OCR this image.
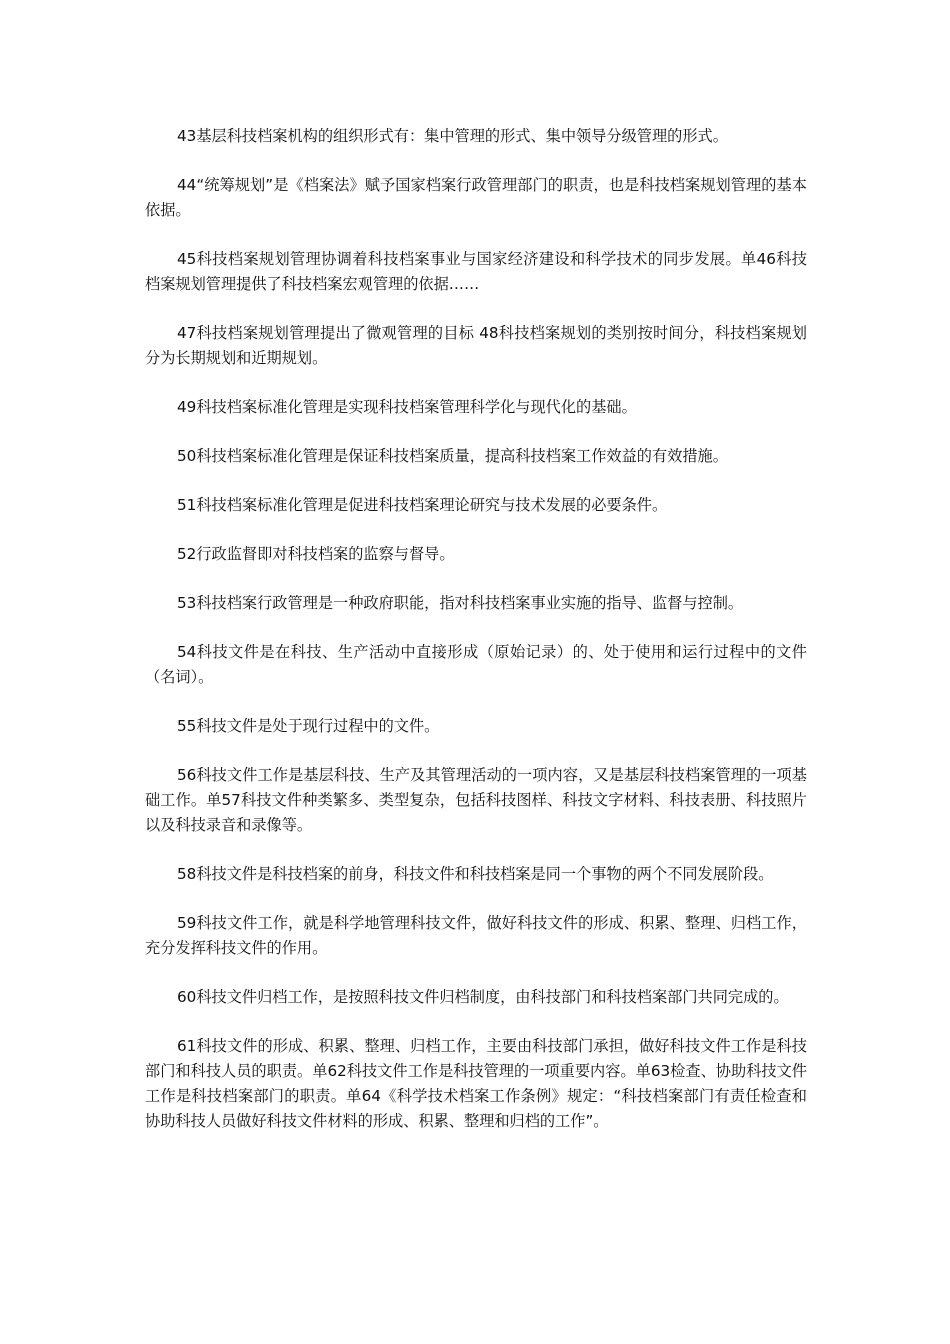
43基层科技档案机构的组织形式有：集中管理的形式、集中领导分级管理的形式。

44“统筹规划”是《档案法》赋予国家档案行政管理部门的职责，也是科技档案规划管理的基本依据。

45科技档案规划管理协调着科技档案事业与国家经济建设和科学技术的同步发展。单46科技档案规划管理提供了科技档案宏观管理的依据……

47科技档案规划管理提出了微观管理的目标 48科技档案规划的类别按时间分，科技档案规划分为长期规划和近期规划。

49科技档案标准化管理是实现科技档案管理科学化与现代化的基础。

50科技档案标准化管理是保证科技档案质量，提高科技档案工作效益的有效措施。

51科技档案标准化管理是促进科技档案理论研究与技术发展的必要条件。

52行政监督即对科技档案的监察与督导。

53科技档案行政管理是一种政府职能，指对科技档案事业实施的指导、监督与控制。

54科技文件是在科技、生产活动中直接形成（原始记录）的、处于使用和运行过程中的文件（名词）。

55科技文件是处于现行过程中的文件。

56科技文件工作是基层科技、生产及其管理活动的一项内容，又是基层科技档案管理的一项基础工作。单57科技文件种类繁多、类型复杂，包括科技图样、科技文字材料、科技表册、科技照片以及科技录音和录像等。

58科技文件是科技档案的前身，科技文件和科技档案是同一个事物的两个不同发展阶段。

59科技文件工作，就是科学地管理科技文件，做好科技文件的形成、积累、整理、归档工作，充分发挥科技文件的作用。

60科技文件归档工作，是按照科技文件归档制度，由科技部门和科技档案部门共同完成的。

61科技文件的形成、积累、整理、归档工作，主要由科技部门承担，做好科技文件工作是科技部门和科技人员的职责。单62科技文件工作是科技管理的一项重要内容。单63检查、协助科技文件工作是科技档案部门的职责。单64《科学技术档案工作条例》规定：“科技档案部门有责任检查和协助科技人员做好科技文件材料的形成、积累、整理和归档的工作”。
